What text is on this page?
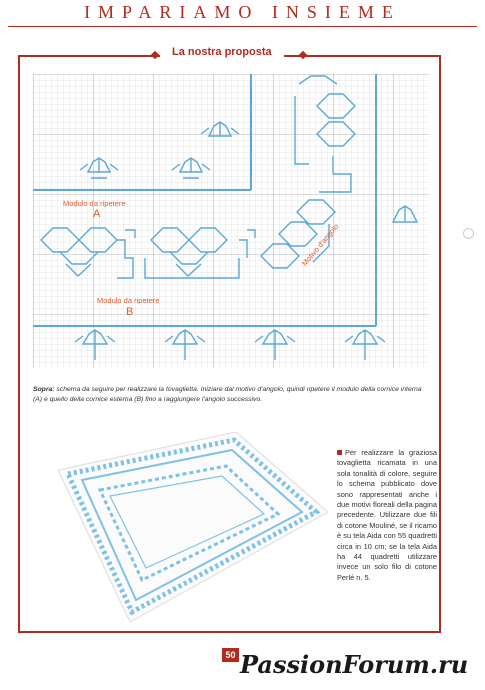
IMPARIAMO INSIEME
La nostra proposta
Modulo da ripetere
A
Modulo da ripetere
B
Motivo d'angolo
Sopra: schema da seguire per realizzare la tovaglietta. Iniziare dal motivo d'angolo, quindi ripetere il modulo della cornice interna (A) e quello della cornice esterna (B) fino a raggiungere l'angolo successivo.
Per realizzare la graziosa tovaglietta ricamata in una sola tonalità di colore, seguire lo schema pubblicato dove sono rappresentati anche i due motivi floreali della pagina precedente. Utilizzare due fili di cotone Mouliné, se il ricamo è su tela Aida con 55 quadretti circa in 10 cm; se la tela Aida ha 44 quadretti utilizzare invece un solo filo di cotone Perlé n. 5.
50 PassionForum.ru
